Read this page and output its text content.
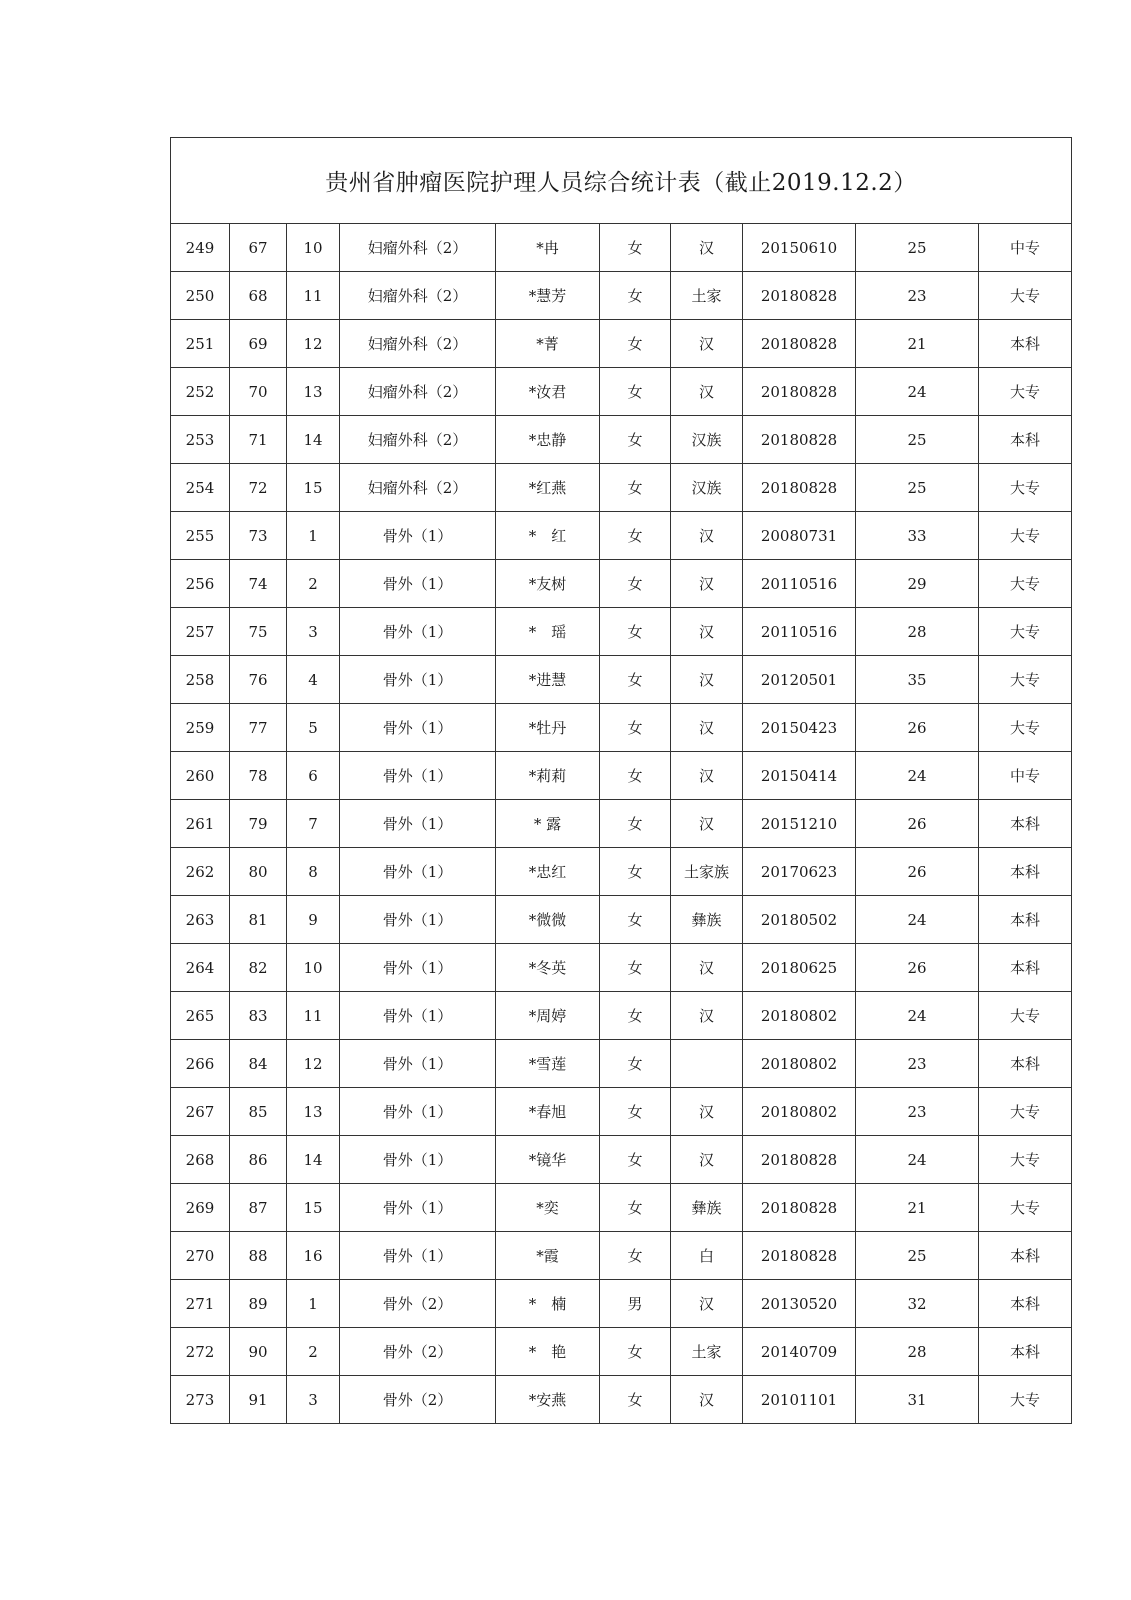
贵州省肿瘤医院护理人员综合统计表（截止2019.12.2）									
249	67	10	妇瘤外科（2）	*冉	女	汉	20150610	25	中专
250	68	11	妇瘤外科（2）	*慧芳	女	土家	20180828	23	大专
251	69	12	妇瘤外科（2）	*菁	女	汉	20180828	21	本科
252	70	13	妇瘤外科（2）	*汝君	女	汉	20180828	24	大专
253	71	14	妇瘤外科（2）	*忠静	女	汉族	20180828	25	本科
254	72	15	妇瘤外科（2）	*红燕	女	汉族	20180828	25	大专
255	73	1	骨外（1）	*　红	女	汉	20080731	33	大专
256	74	2	骨外（1）	*友树	女	汉	20110516	29	大专
257	75	3	骨外（1）	*　瑶	女	汉	20110516	28	大专
258	76	4	骨外（1）	*进慧	女	汉	20120501	35	大专
259	77	5	骨外（1）	*牡丹	女	汉	20150423	26	大专
260	78	6	骨外（1）	*莉莉	女	汉	20150414	24	中专
261	79	7	骨外（1）	* 露	女	汉	20151210	26	本科
262	80	8	骨外（1）	*忠红	女	土家族	20170623	26	本科
263	81	9	骨外（1）	*微微	女	彝族	20180502	24	本科
264	82	10	骨外（1）	*冬英	女	汉	20180625	26	本科
265	83	11	骨外（1）	*周婷	女	汉	20180802	24	大专
266	84	12	骨外（1）	*雪莲	女		20180802	23	本科
267	85	13	骨外（1）	*春旭	女	汉	20180802	23	大专
268	86	14	骨外（1）	*镜华	女	汉	20180828	24	大专
269	87	15	骨外（1）	*奕	女	彝族	20180828	21	大专
270	88	16	骨外（1）	*霞	女	白	20180828	25	本科
271	89	1	骨外（2）	*　楠	男	汉	20130520	32	本科
272	90	2	骨外（2）	*　艳	女	土家	20140709	28	本科
273	91	3	骨外（2）	*安燕	女	汉	20101101	31	大专
